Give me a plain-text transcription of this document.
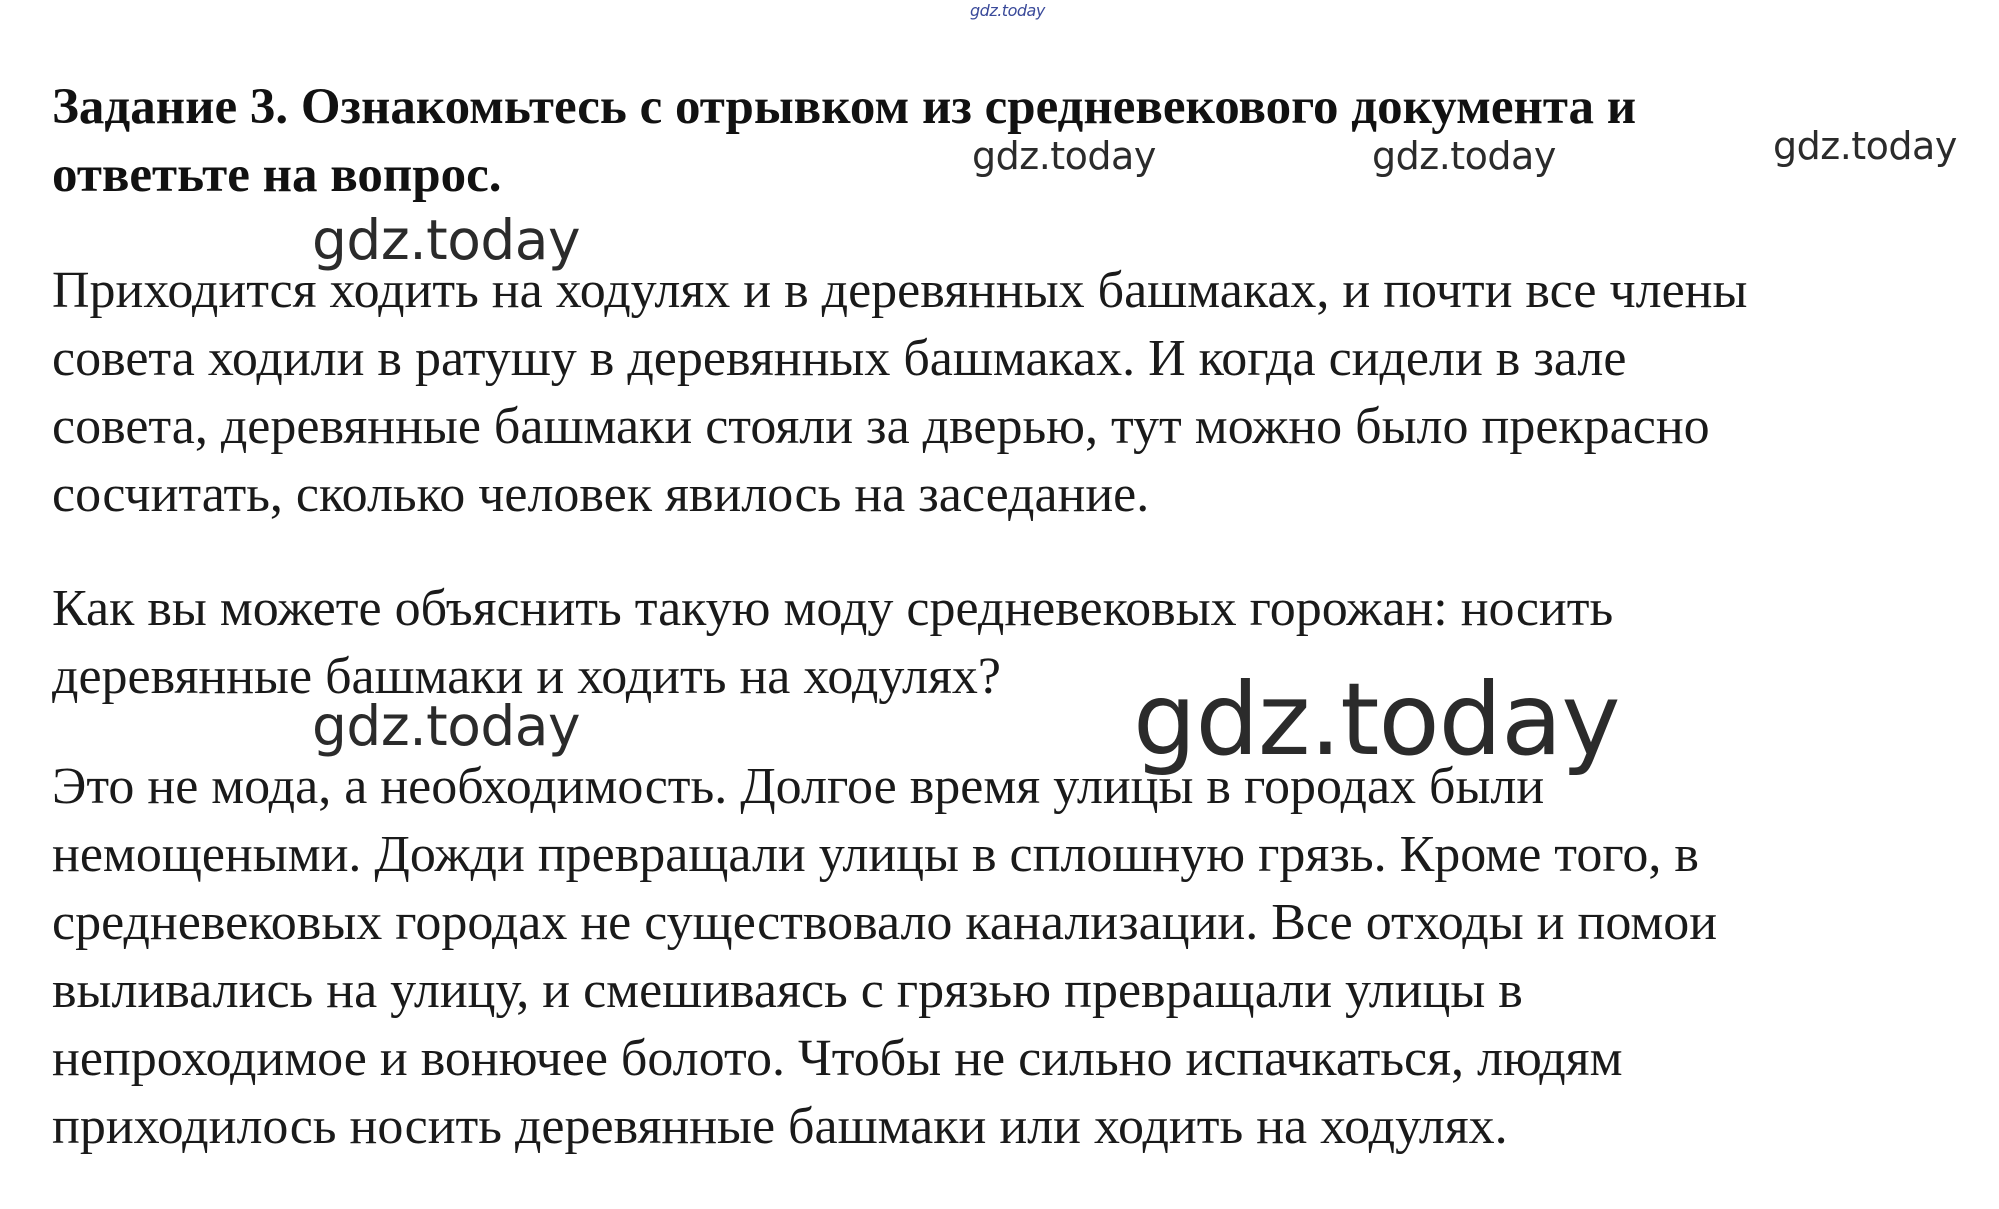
gdz.today

Задание 3. Ознакомьтесь с отрывком из средневекового документа и

ответьте на вопрос.	gdz.today	gdz.today	gdz.today
gdz.today

Приходится ходить на ходулях и в деревянных башмаках, и почти все члены

совета ходили в ратушу в деревянных башмаках. И когда сидели в зале

совета, деревянные башмаки стояли за дверью, тут можно было прекрасно

сосчитать, сколько человек явилось на заседание.

Как вы можете объяснить такую моду средневековых горожан: носить

деревянные башмаки и ходить на ходулях?

gdz.today	gdz.today

Это не мода, а необходимость. Долгое время улицы в городах были

немощеными. Дожди превращали улицы в сплошную грязь. Кроме того, в

средневековых городах не существовало канализации. Все отходы и помои

выливались на улицу, и смешиваясь с грязью превращали улицы в

непроходимое и вонючее болото. Чтобы не сильно испачкаться, людям

приходилось носить деревянные башмаки или ходить на ходулях.
